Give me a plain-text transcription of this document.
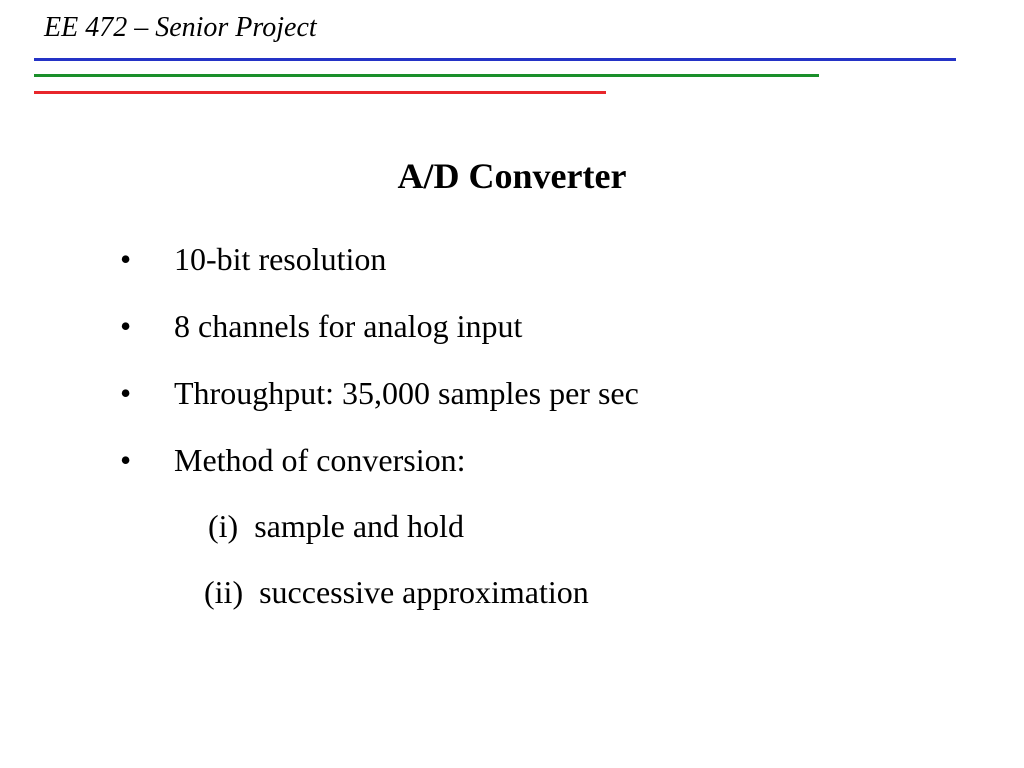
EE 472 – Senior Project
A/D Converter
• 10-bit resolution
• 8 channels for analog input
• Throughput: 35,000 samples per sec
• Method of conversion:
(i) sample and hold
(ii) successive approximation
